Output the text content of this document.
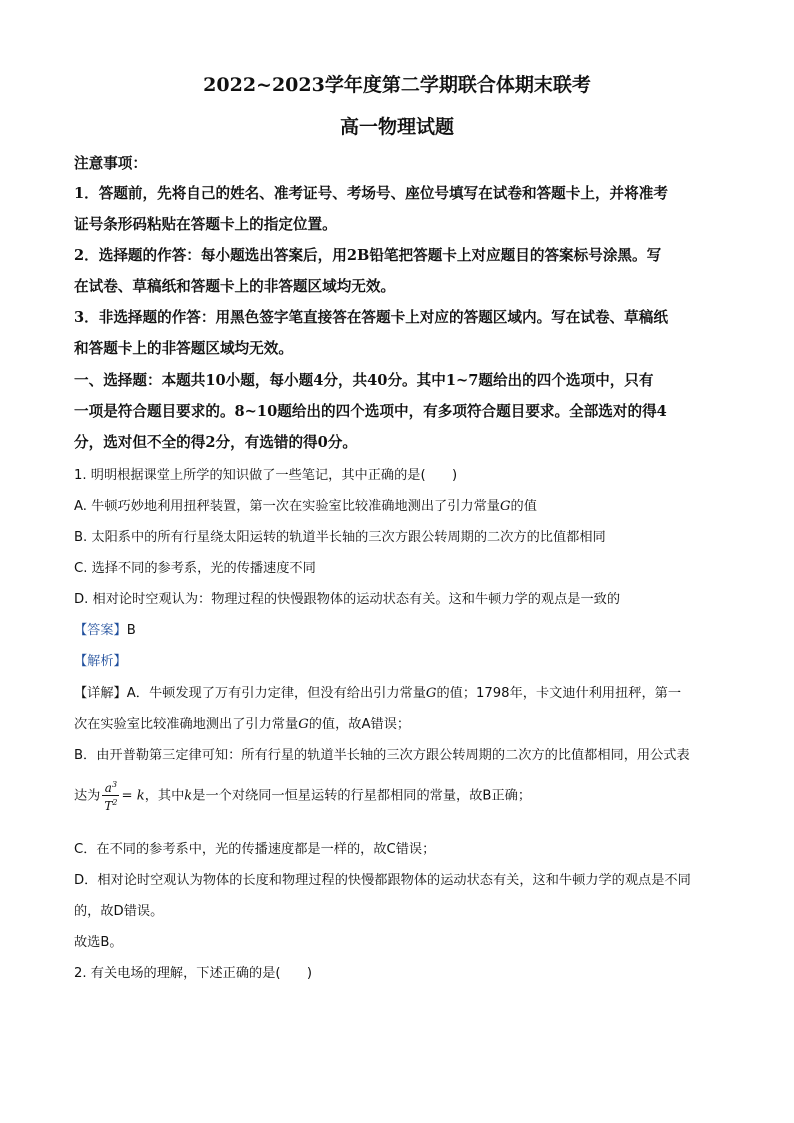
2022~2023学年度第二学期联合体期末联考
高一物理试题
注意事项：
1．答题前，先将自己的姓名、准考证号、考场号、座位号填写在试卷和答题卡上，并将准考
证号条形码粘贴在答题卡上的指定位置。
2．选择题的作答：每小题选出答案后，用2B铅笔把答题卡上对应题目的答案标号涂黑。写
在试卷、草稿纸和答题卡上的非答题区域均无效。
3．非选择题的作答：用黑色签字笔直接答在答题卡上对应的答题区域内。写在试卷、草稿纸
和答题卡上的非答题区域均无效。
一、选择题：本题共10小题，每小题4分，共40分。其中1~7题给出的四个选项中，只有
一项是符合题目要求的。8~10题给出的四个选项中，有多项符合题目要求。全部选对的得4
分，选对但不全的得2分，有选错的得0分。
1. 明明根据课堂上所学的知识做了一些笔记，其中正确的是(　　)
A. 牛顿巧妙地利用扭秤装置，第一次在实验室比较准确地测出了引力常量G的值
B. 太阳系中的所有行星绕太阳运转的轨道半长轴的三次方跟公转周期的二次方的比值都相同
C. 选择不同的参考系，光的传播速度不同
D. 相对论时空观认为：物理过程的快慢跟物体的运动状态有关。这和牛顿力学的观点是一致的
【答案】B
【解析】
【详解】A．牛顿发现了万有引力定律，但没有给出引力常量G的值；1798年，卡文迪什利用扭秤，第一
次在实验室比较准确地测出了引力常量G的值，故A错误；
B．由开普勒第三定律可知：所有行星的轨道半长轴的三次方跟公转周期的二次方的比值都相同，用公式表
达为 $\frac{a^3}{T^2} = k$，其中k是一个对绕同一恒星运转的行星都相同的常量，故B正确；
C．在不同的参考系中，光的传播速度都是一样的，故C错误；
D．相对论时空观认为物体的长度和物理过程的快慢都跟物体的运动状态有关，这和牛顿力学的观点是不同
的，故D错误。
故选B。
2. 有关电场的理解，下述正确的是(　　)
